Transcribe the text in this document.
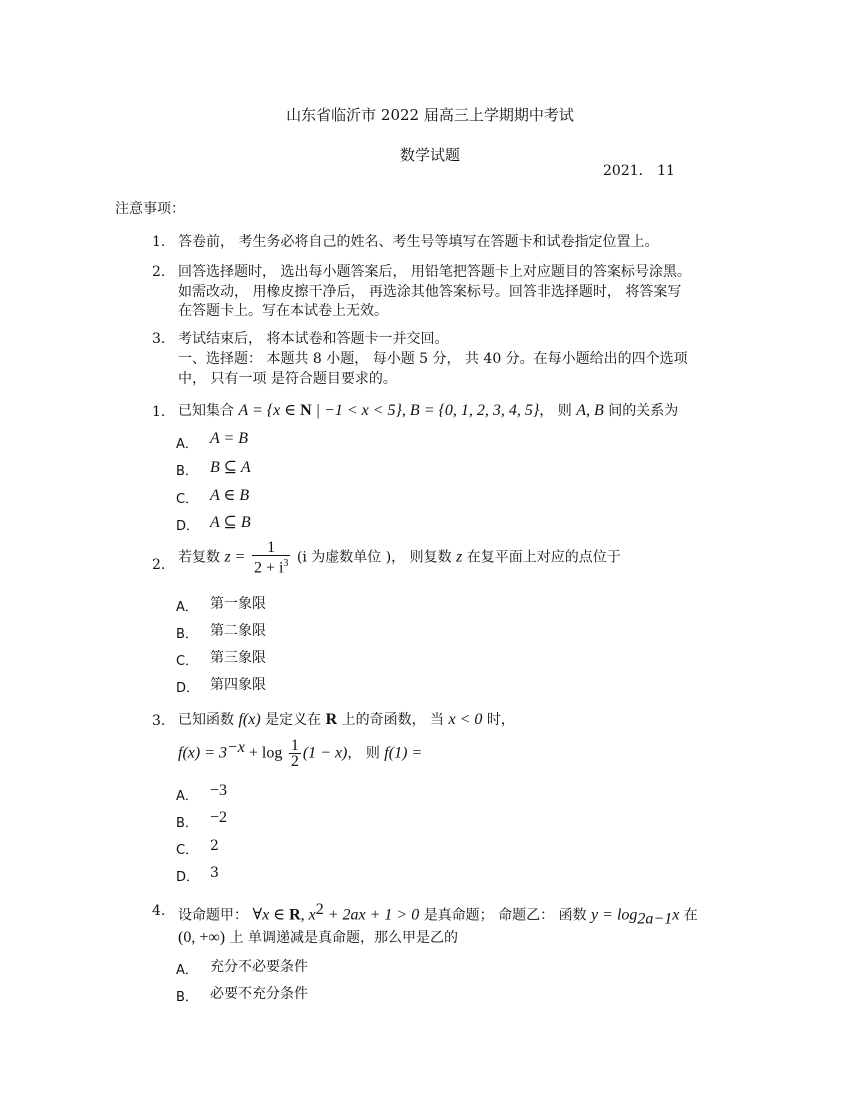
山东省临沂市 2022 届高三上学期期中考试
数学试题
2021． 11
注意事项：
1. 答卷前， 考生务必将自己的姓名、考生号等填写在答题卡和试卷指定位置上。
2. 回答选择题时， 选出每小题答案后， 用铅笔把答题卡上对应题目的答案标号涂黑。
如需改动， 用橡皮擦干净后， 再选涂其他答案标号。回答非选择题时， 将答案写
在答题卡上。写在本试卷上无效。
3. 考试结束后， 将本试卷和答题卡一并交回。
一、选择题： 本题共 8 小题， 每小题 5 分， 共 40 分。在每小题给出的四个选项
中， 只有一项 是符合题目要求的。
1. 已知集合 A = {x ∈ N | −1 < x < 5}, B = {0, 1, 2, 3, 4, 5}， 则 A, B 间的关系为
A． A = B
B． B ⊆ A
C． A ∈ B
D． A ⊆ B
2. 若复数 $z = \frac{1}{2 + i^3} (i$ 为虚数单位 )， 则复数 z 在复平面上对应的点位于
A． 第一象限
B． 第二象限
C． 第三象限
D． 第四象限
3. 已知函数 f(x) 是定义在 R 上的奇函数， 当 x < 0 时，
$f(x) = 3^{-x} + \log \frac{1}{2} (1 - x)$， 则 f(1) =
A． −3
B． −2
C． 2
D． 3
4. 设命题甲： ∀x ∈ R, $x^2 + 2ax + 1 > 0$ 是真命题； 命题乙： 函数 $y = \log_{2a-1}x$ 在
(0, +∞) 上 单调递减是真命题，那么甲是乙的
A． 充分不必要条件
B． 必要不充分条件
